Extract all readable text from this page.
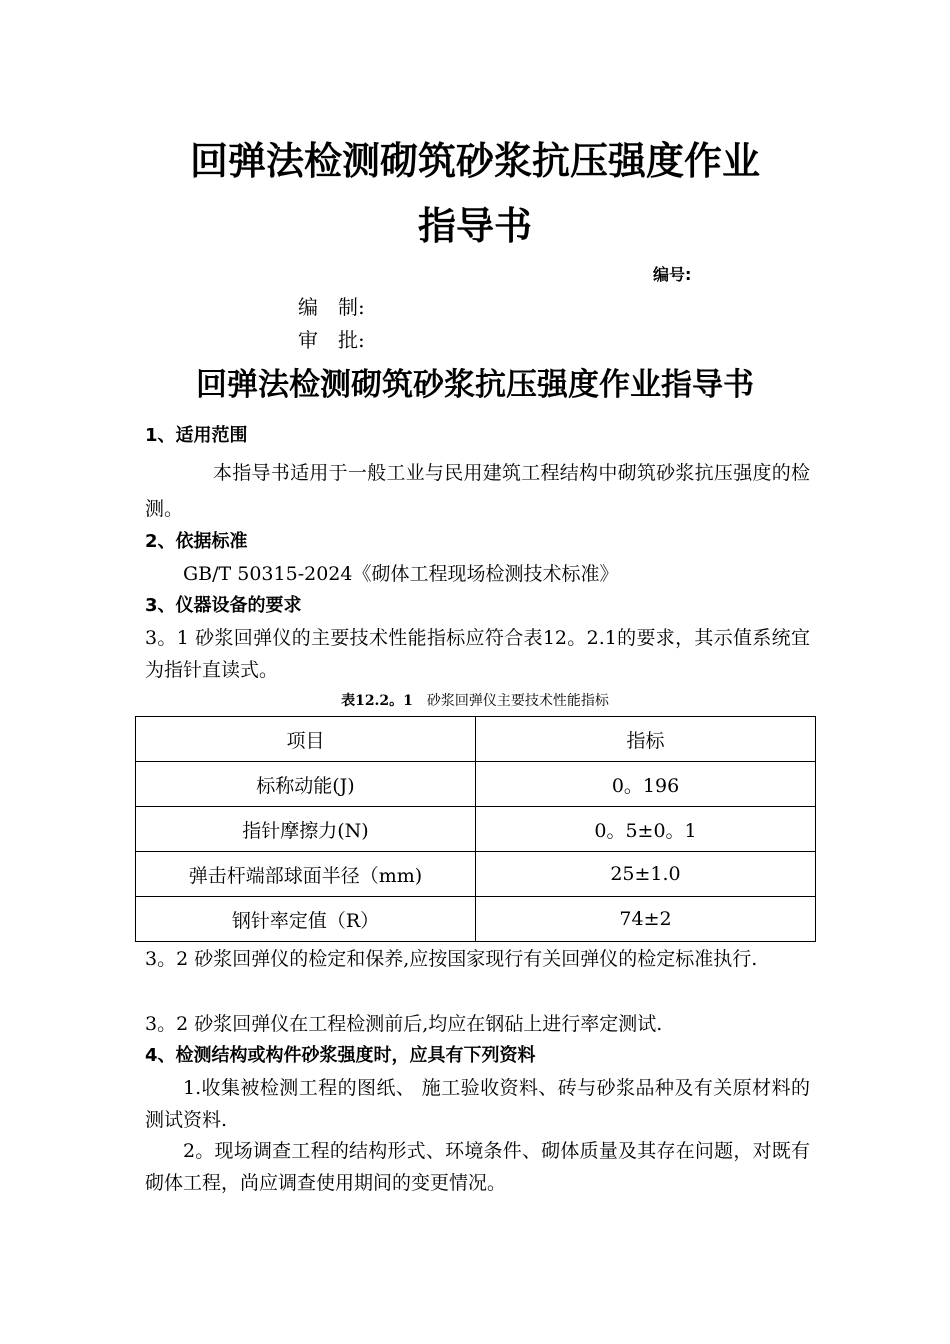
回弹法检测砌筑砂浆抗压强度作业
指导书
编号:
编　制:
审　批:
回弹法检测砌筑砂浆抗压强度作业指导书
1、适用范围
本指导书适用于一般工业与民用建筑工程结构中砌筑砂浆抗压强度的检测。
2、依据标准
GB/T 50315-2024《砌体工程现场检测技术标准》
3、仪器设备的要求
3。1 砂浆回弹仪的主要技术性能指标应符合表12。2.1的要求，其示值系统宜为指针直读式。
表12.2。1 砂浆回弹仪主要技术性能指标
项目	指标
标称动能(J)	0。196
指针摩擦力(N)	0。5±0。1
弹击杆端部球面半径（mm)	25±1.0
钢针率定值（R）	74±2
3。2 砂浆回弹仪的检定和保养,应按国家现行有关回弹仪的检定标准执行.
3。2 砂浆回弹仪在工程检测前后,均应在钢砧上进行率定测试.
4、检测结构或构件砂浆强度时，应具有下列资料
1.收集被检测工程的图纸、 施工验收资料、砖与砂浆品种及有关原材料的测试资料.
2。现场调查工程的结构形式、环境条件、砌体质量及其存在问题，对既有砌体工程，尚应调查使用期间的变更情况。
